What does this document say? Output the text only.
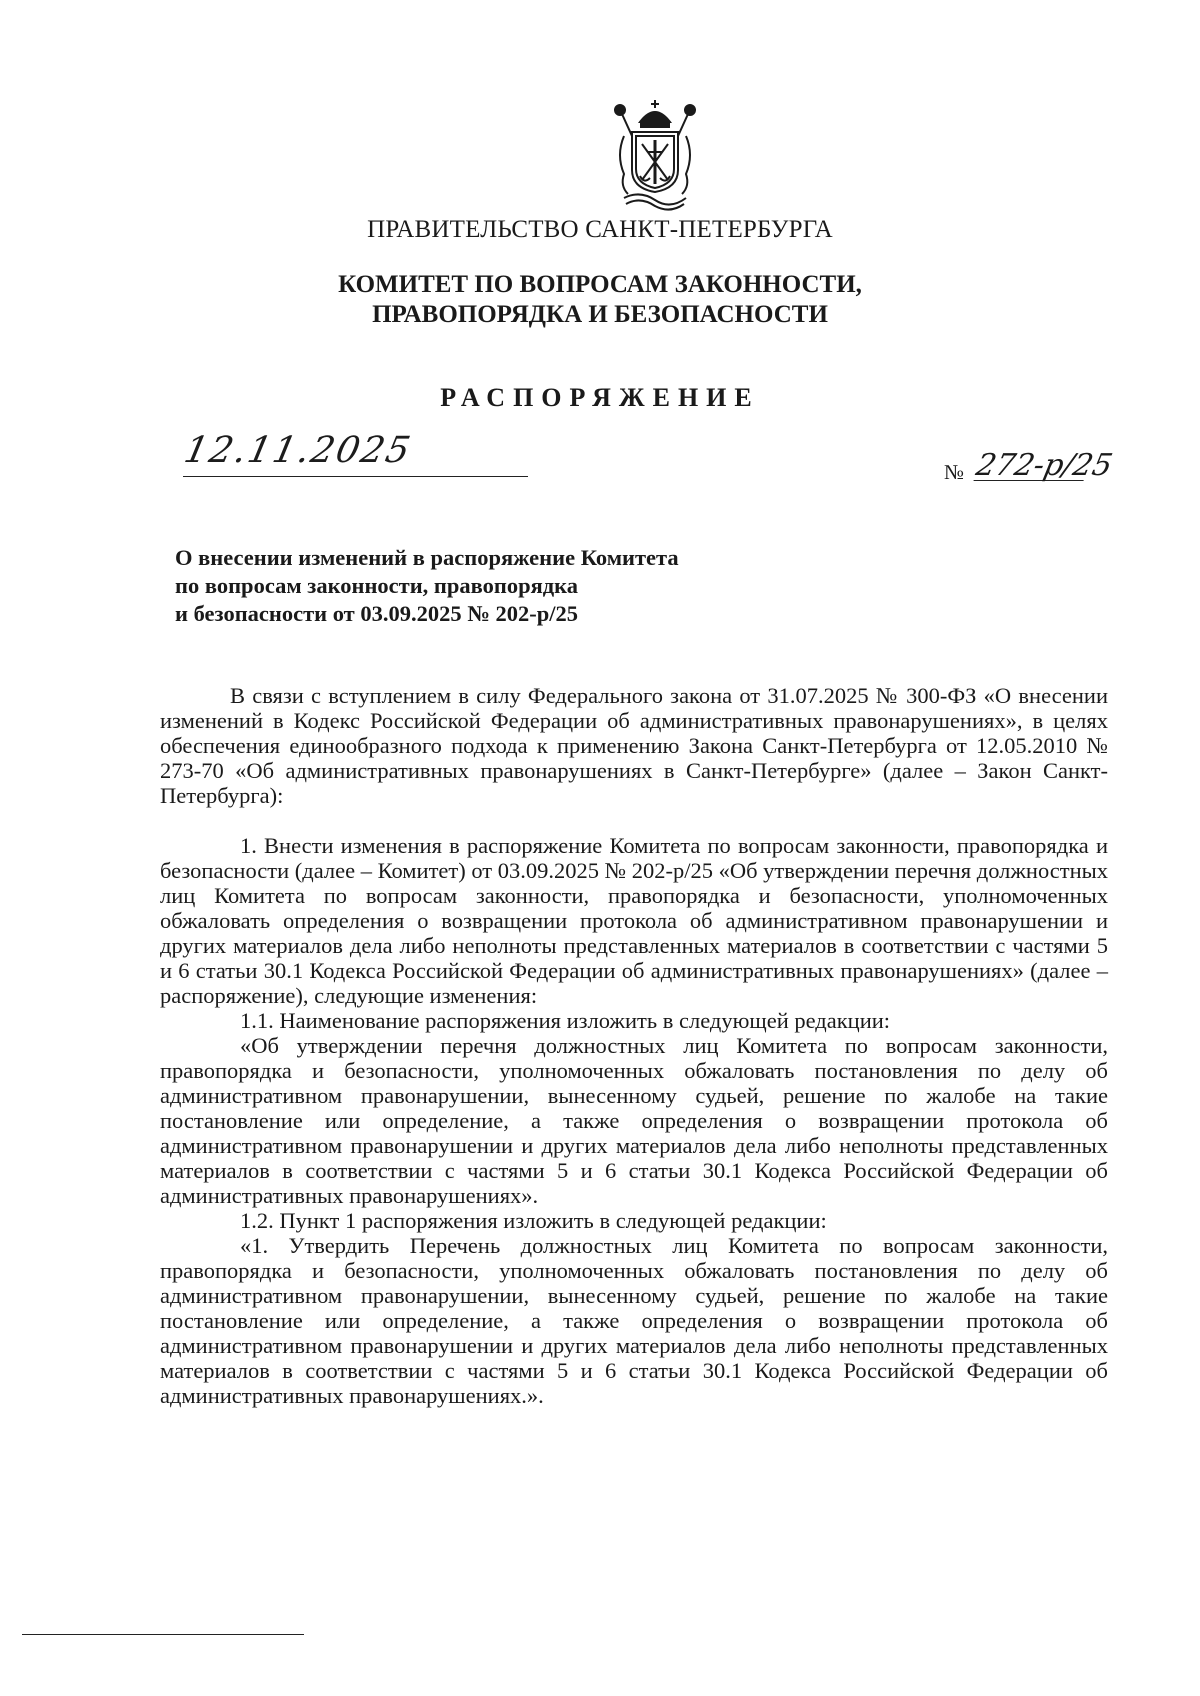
ПРАВИТЕЛЬСТВО САНКТ-ПЕТЕРБУРГА
КОМИТЕТ ПО ВОПРОСАМ ЗАКОННОСТИ,
ПРАВОПОРЯДКА И БЕЗОПАСНОСТИ
РАСПОРЯЖЕНИЕ
12.11.2025
№ 272-р/25
О внесении изменений в распоряжение Комитета
по вопросам законности, правопорядка
и безопасности от 03.09.2025 № 202-р/25

В связи с вступлением в силу Федерального закона от 31.07.2025 № 300-ФЗ «О внесении изменений в Кодекс Российской Федерации об административных правонарушениях», в целях обеспечения единообразного подхода к применению Закона Санкт-Петербурга от 12.05.2010 № 273-70 «Об административных правонарушениях в Санкт-Петербурге» (далее – Закон Санкт-Петербурга):

1. Внести изменения в распоряжение Комитета по вопросам законности, правопорядка и безопасности (далее – Комитет) от 03.09.2025 № 202-р/25 «Об утверждении перечня должностных лиц Комитета по вопросам законности, правопорядка и безопасности, уполномоченных обжаловать определения о возвращении протокола об административном правонарушении и других материалов дела либо неполноты представленных материалов в соответствии с частями 5 и 6 статьи 30.1 Кодекса Российской Федерации об административных правонарушениях» (далее – распоряжение), следующие изменения:

1.1. Наименование распоряжения изложить в следующей редакции:

«Об утверждении перечня должностных лиц Комитета по вопросам законности, правопорядка и безопасности, уполномоченных обжаловать постановления по делу об административном правонарушении, вынесенному судьей, решение по жалобе на такие постановление или определение, а также определения о возвращении протокола об административном правонарушении и других материалов дела либо неполноты представленных материалов в соответствии с частями 5 и 6 статьи 30.1 Кодекса Российской Федерации об административных правонарушениях».

1.2. Пункт 1 распоряжения изложить в следующей редакции:

«1. Утвердить Перечень должностных лиц Комитета по вопросам законности, правопорядка и безопасности, уполномоченных обжаловать постановления по делу об административном правонарушении, вынесенному судьей, решение по жалобе на такие постановление или определение, а также определения о возвращении протокола об административном правонарушении и других материалов дела либо неполноты представленных материалов в соответствии с частями 5 и 6 статьи 30.1 Кодекса Российской Федерации об административных правонарушениях.».
